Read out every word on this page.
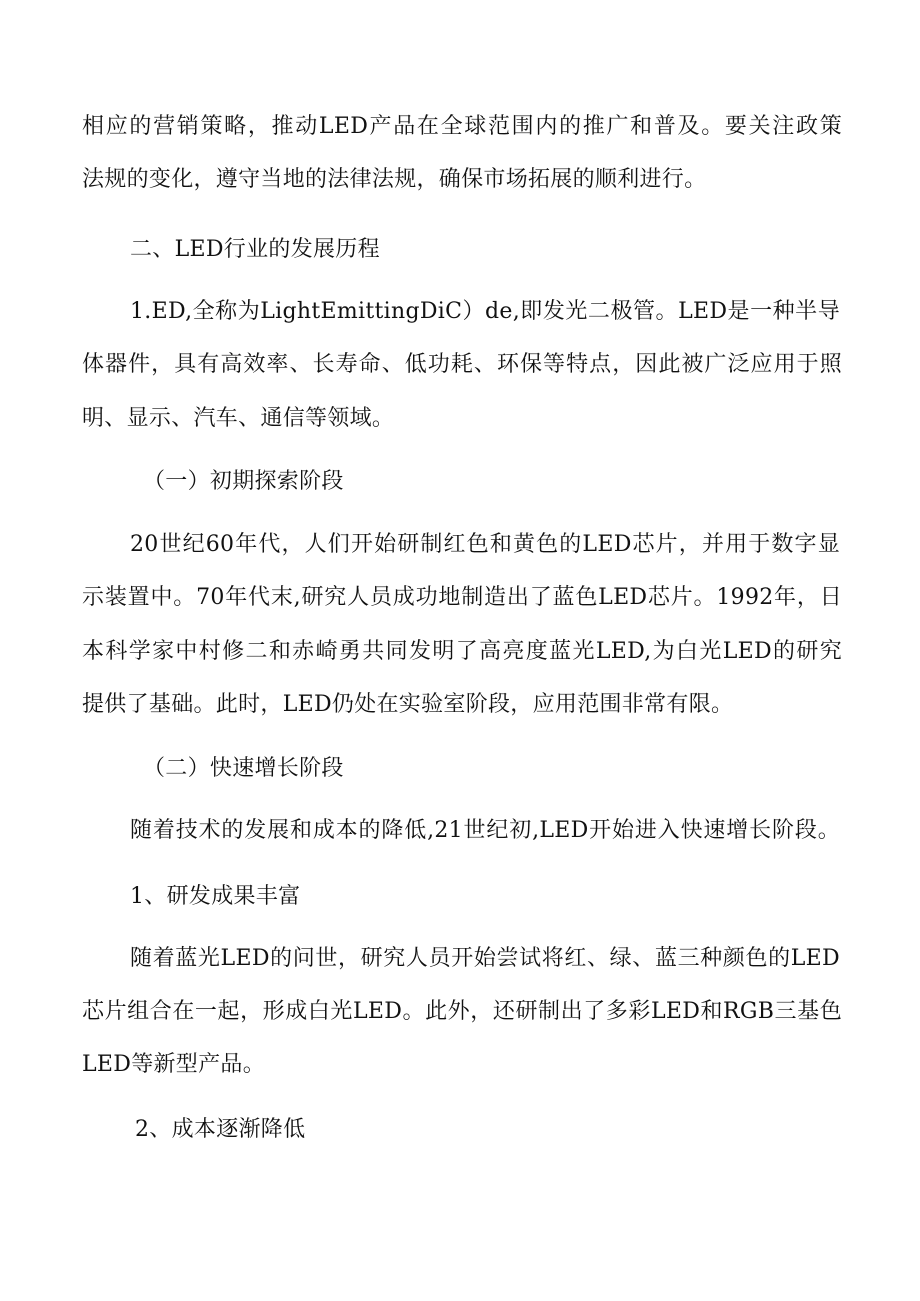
相应的营销策略，推动LED产品在全球范围内的推广和普及。要关注政策
法规的变化，遵守当地的法律法规，确保市场拓展的顺利进行。
二、LED行业的发展历程
1.ED,全称为LightEmittingDiC）de,即发光二极管。LED是一种半导
体器件，具有高效率、长寿命、低功耗、环保等特点，因此被广泛应用于照
明、显示、汽车、通信等领域。
（一）初期探索阶段
20世纪60年代，人们开始研制红色和黄色的LED芯片，并用于数字显
示装置中。70年代末,研究人员成功地制造出了蓝色LED芯片。1992年，日
本科学家中村修二和赤崎勇共同发明了高亮度蓝光LED,为白光LED的研究
提供了基础。此时，LED仍处在实验室阶段，应用范围非常有限。
（二）快速增长阶段
随着技术的发展和成本的降低,21世纪初,LED开始进入快速增长阶段。
1、研发成果丰富
随着蓝光LED的问世，研究人员开始尝试将红、绿、蓝三种颜色的LED
芯片组合在一起，形成白光LED。此外，还研制出了多彩LED和RGB三基色
LED等新型产品。
2、成本逐渐降低
